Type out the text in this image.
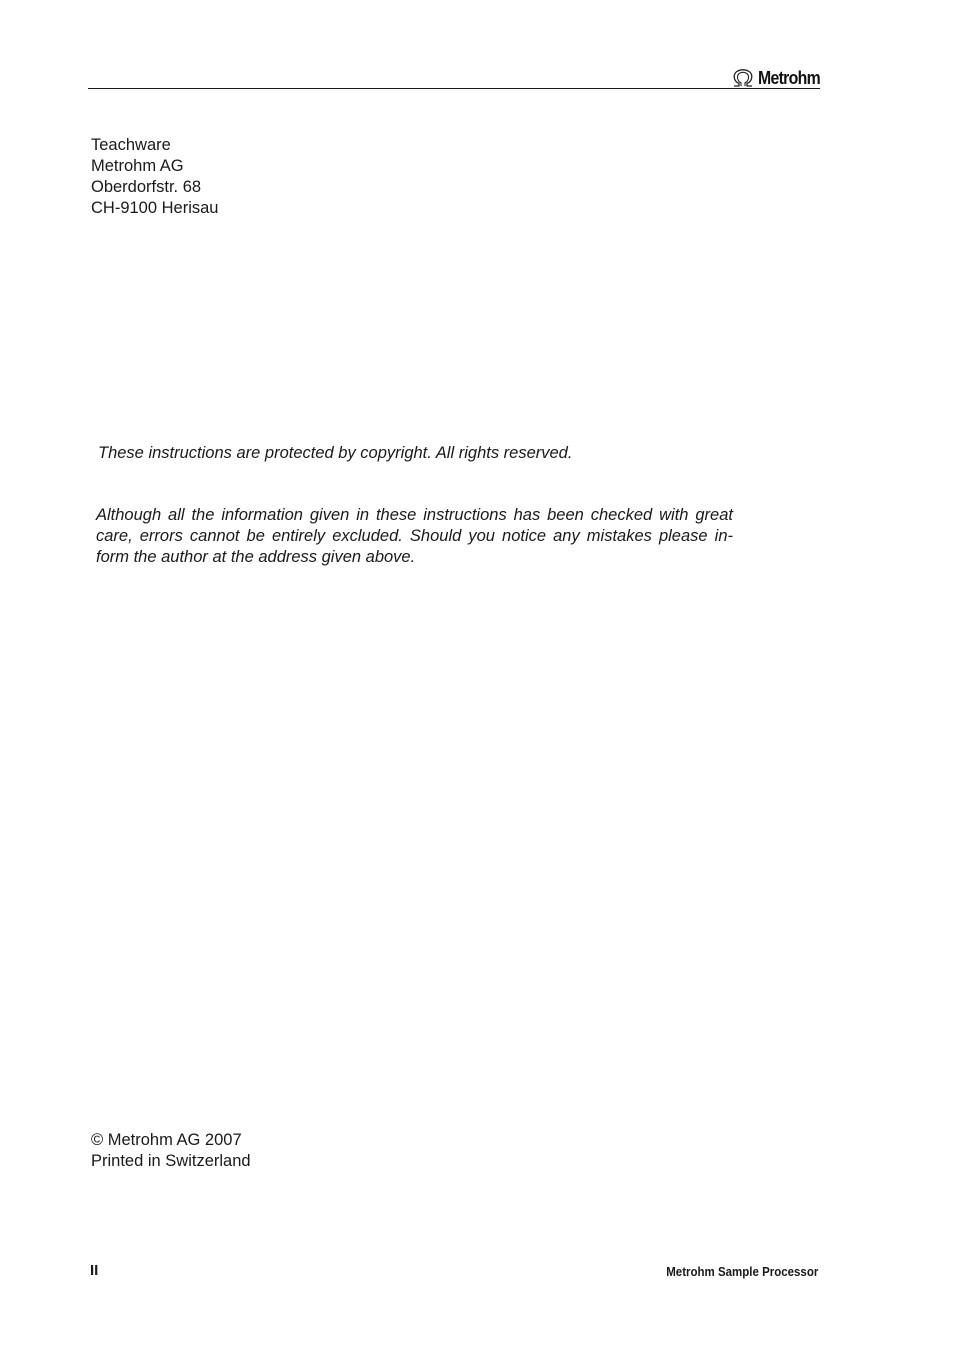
Metrohm
Teachware
Metrohm AG
Oberdorfstr. 68
CH-9100 Herisau
These instructions are protected by copyright. All rights reserved.
Although all the information given in these instructions has been checked with great
care, errors cannot be entirely excluded. Should you notice any mistakes please in-
form the author at the address given above.
© Metrohm AG 2007
Printed in Switzerland
II	Metrohm Sample Processor
